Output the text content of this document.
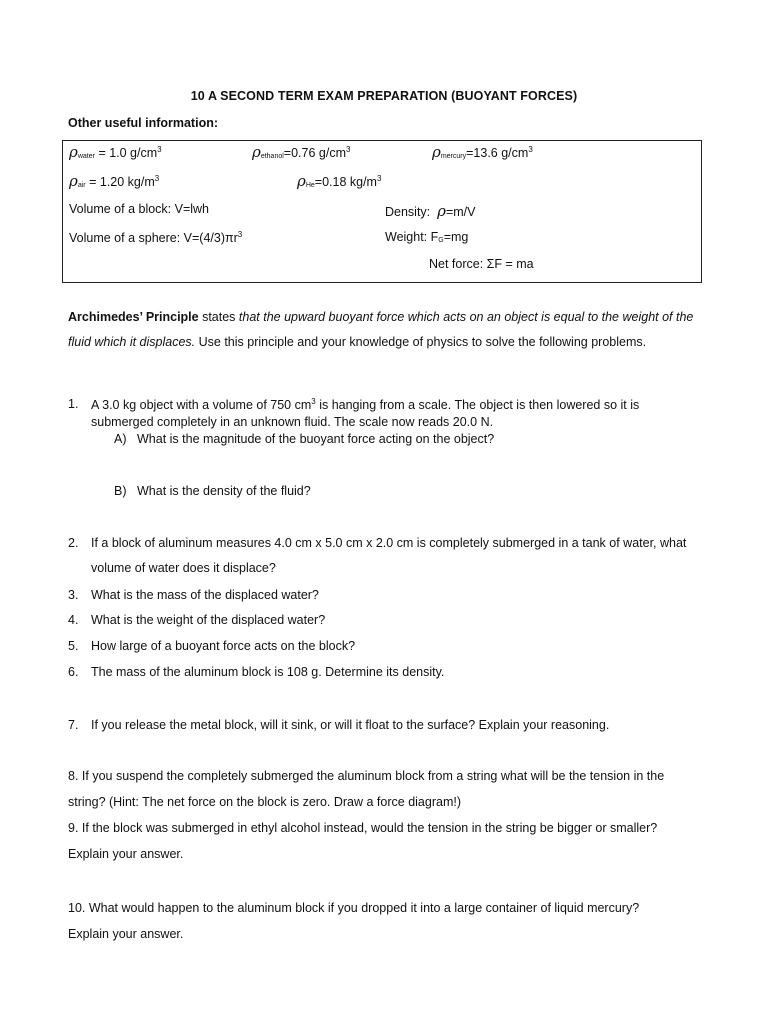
10 A SECOND TERM EXAM PREPARATION (BUOYANT FORCES)
Other useful information:
ρwater = 1.0 $g/cm^3$	ρethanol=0.76 $g/cm^3$	ρmercury=13.6 $g/cm^3$
ρair = 1.20 $kg/m^3$	ρHe=0.18 $kg/m^3$
Volume of a block: V=lwh	Density: ρ=m/V
Volume of a sphere: $V=(4/3)\pi r^3$	Weight: FG=mg
Net force: ΣF = ma
Archimedes’ Principle states that the upward buoyant force which acts on an object is equal to the weight of the
fluid which it displaces. Use this principle and your knowledge of physics to solve the following problems.
1. A 3.0 kg object with a volume of 750 $cm^3$ is hanging from a scale. The object is then lowered so it is
submerged completely in an unknown fluid. The scale now reads 20.0 N.
A) What is the magnitude of the buoyant force acting on the object?
B) What is the density of the fluid?
2. If a block of aluminum measures 4.0 cm x 5.0 cm x 2.0 cm is completely submerged in a tank of water, what
volume of water does it displace?
3. What is the mass of the displaced water?
4. What is the weight of the displaced water?
5. How large of a buoyant force acts on the block?
6. The mass of the aluminum block is 108 g. Determine its density.
7. If you release the metal block, will it sink, or will it float to the surface? Explain your reasoning.
8. If you suspend the completely submerged the aluminum block from a string what will be the tension in the
string? (Hint: The net force on the block is zero. Draw a force diagram!)
9. If the block was submerged in ethyl alcohol instead, would the tension in the string be bigger or smaller?
Explain your answer.
10. What would happen to the aluminum block if you dropped it into a large container of liquid mercury?
Explain your answer.
